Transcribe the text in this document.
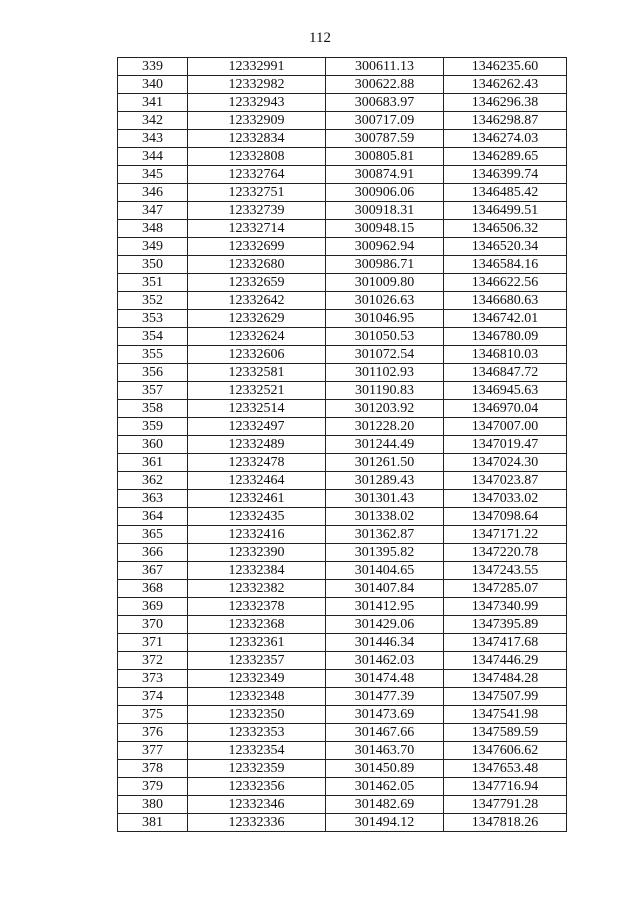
112
339	12332991	300611.13	1346235.60
340	12332982	300622.88	1346262.43
341	12332943	300683.97	1346296.38
342	12332909	300717.09	1346298.87
343	12332834	300787.59	1346274.03
344	12332808	300805.81	1346289.65
345	12332764	300874.91	1346399.74
346	12332751	300906.06	1346485.42
347	12332739	300918.31	1346499.51
348	12332714	300948.15	1346506.32
349	12332699	300962.94	1346520.34
350	12332680	300986.71	1346584.16
351	12332659	301009.80	1346622.56
352	12332642	301026.63	1346680.63
353	12332629	301046.95	1346742.01
354	12332624	301050.53	1346780.09
355	12332606	301072.54	1346810.03
356	12332581	301102.93	1346847.72
357	12332521	301190.83	1346945.63
358	12332514	301203.92	1346970.04
359	12332497	301228.20	1347007.00
360	12332489	301244.49	1347019.47
361	12332478	301261.50	1347024.30
362	12332464	301289.43	1347023.87
363	12332461	301301.43	1347033.02
364	12332435	301338.02	1347098.64
365	12332416	301362.87	1347171.22
366	12332390	301395.82	1347220.78
367	12332384	301404.65	1347243.55
368	12332382	301407.84	1347285.07
369	12332378	301412.95	1347340.99
370	12332368	301429.06	1347395.89
371	12332361	301446.34	1347417.68
372	12332357	301462.03	1347446.29
373	12332349	301474.48	1347484.28
374	12332348	301477.39	1347507.99
375	12332350	301473.69	1347541.98
376	12332353	301467.66	1347589.59
377	12332354	301463.70	1347606.62
378	12332359	301450.89	1347653.48
379	12332356	301462.05	1347716.94
380	12332346	301482.69	1347791.28
381	12332336	301494.12	1347818.26
